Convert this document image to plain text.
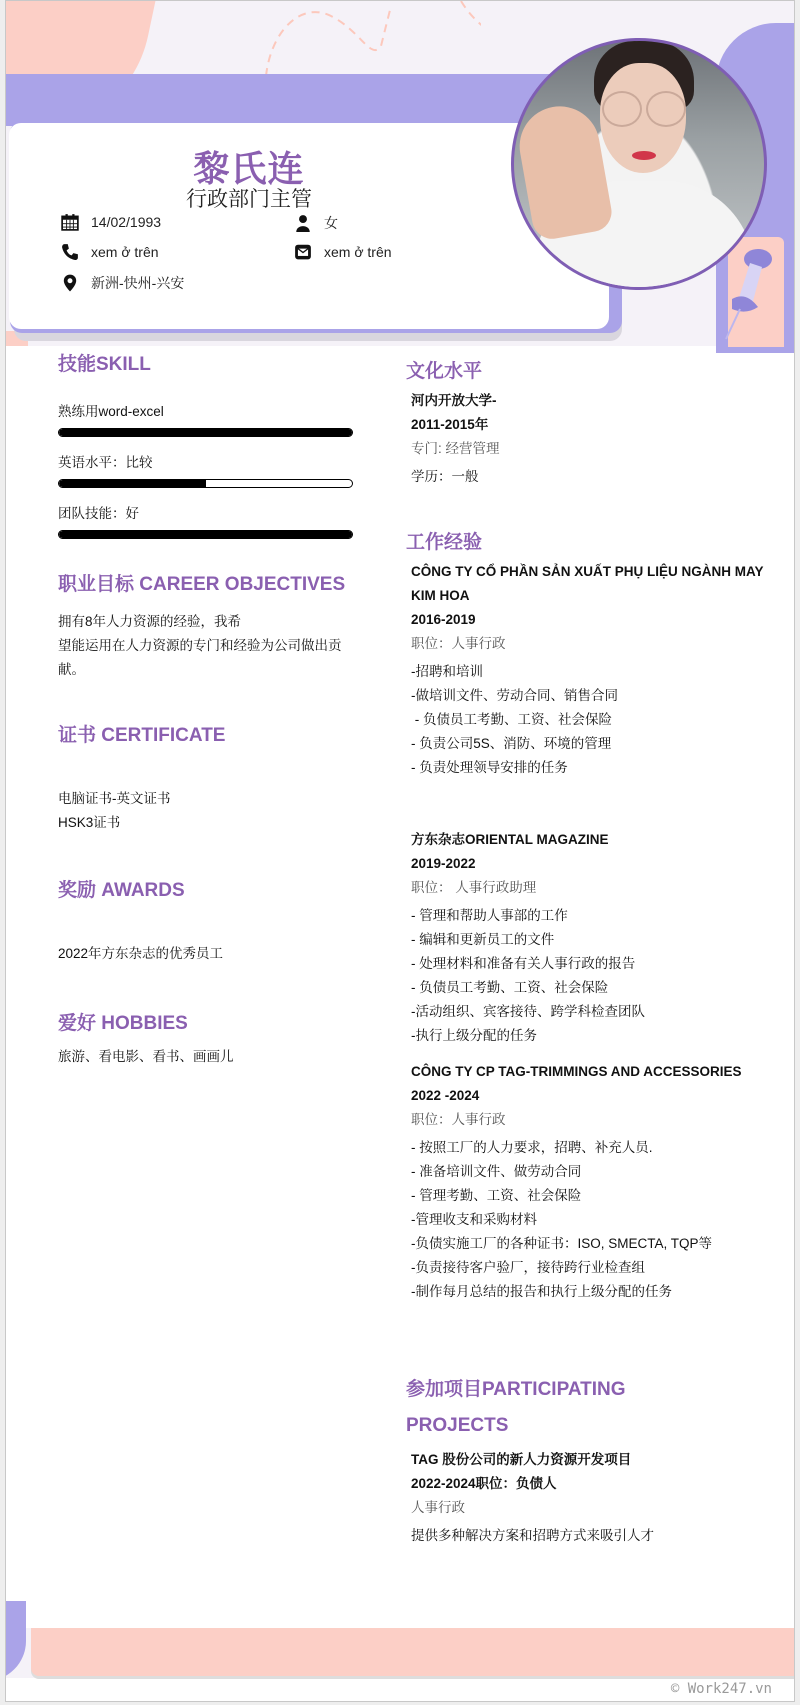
黎氏连
行政部门主管
14/02/1993	女
xem ở trên	xem ở trên
新洲-快州-兴安
技能SKILL
熟练用word-excel
英语水平：比较
团队技能：好
职业目标 CAREER OBJECTIVES
拥有8年人力资源的经验，我希
望能运用在人力资源的专门和经验为公司做出贡献。
证书 CERTIFICATE
电脑证书-英文证书
HSK3证书
奖励 AWARDS
2022年方东杂志的优秀员工
爱好 HOBBIES
旅游、看电影、看书、画画儿
文化水平
河内开放大学-
2011-2015年
专门: 经营管理
学历：一般
工作经验
CÔNG TY CỔ PHẦN SẢN XUẤT PHỤ LIỆU NGÀNH MAY KIM HOA
2016-2019
职位：人事行政
-招聘和培训
-做培训文件、劳动合同、销售合同
- 负债员工考勤、工资、社会保险
- 负责公司5S、消防、环境的管理
- 负责处理领导安排的任务
方东杂志ORIENTAL MAGAZINE
2019-2022
职位： 人事行政助理
- 管理和帮助人事部的工作
- 编辑和更新员工的文件
- 处理材料和准备有关人事行政的报告
- 负债员工考勤、工资、社会保险
-活动组织、宾客接待、跨学科检查团队
-执行上级分配的任务
CÔNG TY CP TAG-TRIMMINGS AND ACCESSORIES
2022 -2024
职位：人事行政
- 按照工厂的人力要求，招聘、补充人员.
- 准备培训文件、做劳动合同
- 管理考勤、工资、社会保险
-管理收支和采购材料
-负债实施工厂的各种证书：ISO, SMECTA, TQP等
-负责接待客户验厂，接待跨行业检查组
-制作每月总结的报告和执行上级分配的任务
参加项目PARTICIPATING
PROJECTS
TAG 股份公司的新人力资源开发项目
2022-2024职位：负债人
人事行政
提供多种解决方案和招聘方式来吸引人才
© Work247.vn
